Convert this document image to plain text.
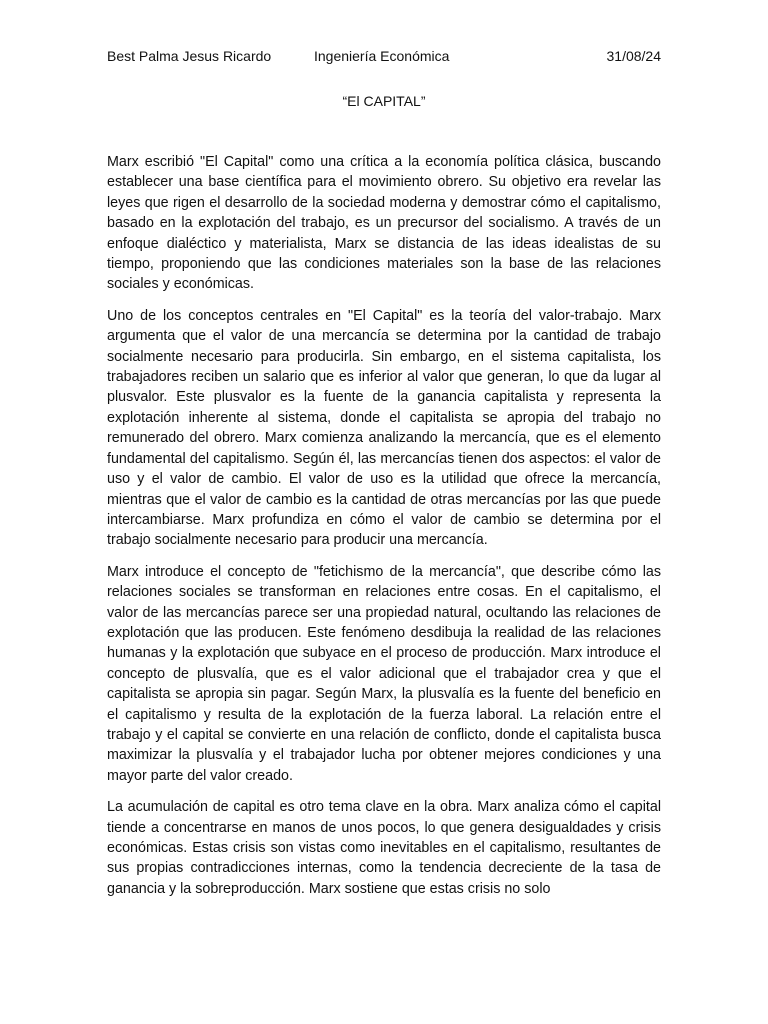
Best Palma Jesus Ricardo	Ingeniería Económica	31/08/24
“El CAPITAL”

Marx escribió "El Capital" como una crítica a la economía política clásica, buscando establecer una base científica para el movimiento obrero. Su objetivo era revelar las leyes que rigen el desarrollo de la sociedad moderna y demostrar cómo el capitalismo, basado en la explotación del trabajo, es un precursor del socialismo. A través de un enfoque dialéctico y materialista, Marx se distancia de las ideas idealistas de su tiempo, proponiendo que las condiciones materiales son la base de las relaciones sociales y económicas.

Uno de los conceptos centrales en "El Capital" es la teoría del valor-trabajo. Marx argumenta que el valor de una mercancía se determina por la cantidad de trabajo socialmente necesario para producirla. Sin embargo, en el sistema capitalista, los trabajadores reciben un salario que es inferior al valor que generan, lo que da lugar al plusvalor. Este plusvalor es la fuente de la ganancia capitalista y representa la explotación inherente al sistema, donde el capitalista se apropia del trabajo no remunerado del obrero. Marx comienza analizando la mercancía, que es el elemento fundamental del capitalismo. Según él, las mercancías tienen dos aspectos: el valor de uso y el valor de cambio. El valor de uso es la utilidad que ofrece la mercancía, mientras que el valor de cambio es la cantidad de otras mercancías por las que puede intercambiarse. Marx profundiza en cómo el valor de cambio se determina por el trabajo socialmente necesario para producir una mercancía.

Marx introduce el concepto de "fetichismo de la mercancía", que describe cómo las relaciones sociales se transforman en relaciones entre cosas. En el capitalismo, el valor de las mercancías parece ser una propiedad natural, ocultando las relaciones de explotación que las producen. Este fenómeno desdibuja la realidad de las relaciones humanas y la explotación que subyace en el proceso de producción. Marx introduce el concepto de plusvalía, que es el valor adicional que el trabajador crea y que el capitalista se apropia sin pagar. Según Marx, la plusvalía es la fuente del beneficio en el capitalismo y resulta de la explotación de la fuerza laboral. La relación entre el trabajo y el capital se convierte en una relación de conflicto, donde el capitalista busca maximizar la plusvalía y el trabajador lucha por obtener mejores condiciones y una mayor parte del valor creado.

La acumulación de capital es otro tema clave en la obra. Marx analiza cómo el capital tiende a concentrarse en manos de unos pocos, lo que genera desigualdades y crisis económicas. Estas crisis son vistas como inevitables en el capitalismo, resultantes de sus propias contradicciones internas, como la tendencia decreciente de la tasa de ganancia y la sobreproducción. Marx sostiene que estas crisis no solo
